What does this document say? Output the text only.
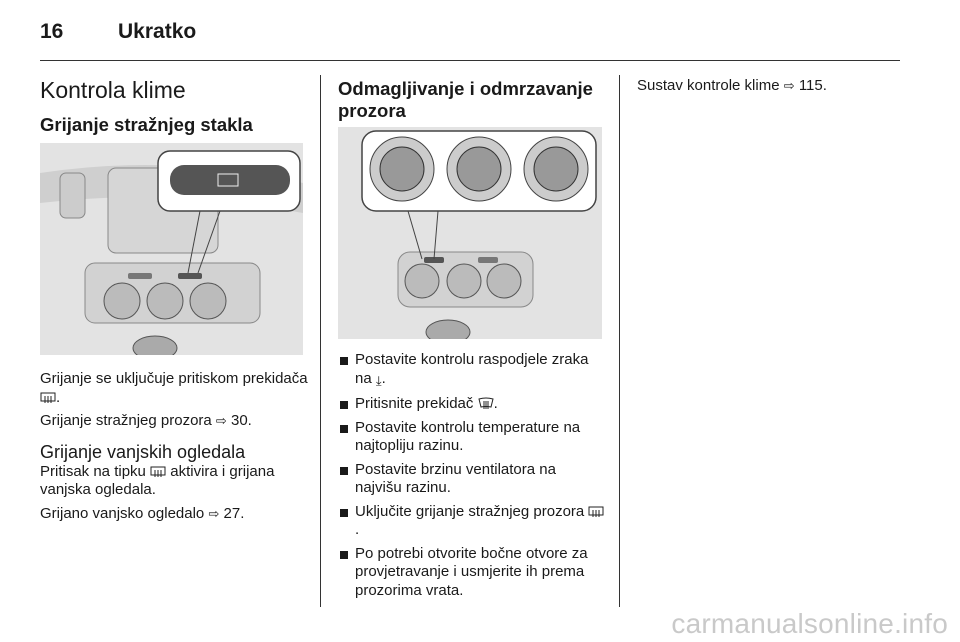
16	Ukratko
Kontrola klime
Grijanje stražnjeg stakla

Grijanje se uključuje pritiskom prekidača .

Grijanje stražnjeg prozora ⇨ 30.

Grijanje vanjskih ogledala

Pritisak na tipku aktivira i grijana vanjska ogledala.

Grijano vanjsko ogledalo ⇨ 27.

Odmagljivanje i odmrzavanje prozora
Postavite kontrolu raspodjele zraka na ⤓.
Pritisnite prekidač .
Postavite kontrolu temperature na najtopliju razinu.
Postavite brzinu ventilatora na najvišu razinu.
Uključite grijanje stražnjeg prozora .
Po potrebi otvorite bočne otvore za provjetravanje i usmjerite ih prema prozorima vrata.

Sustav kontrole klime ⇨ 115.

carmanualsonline.info
